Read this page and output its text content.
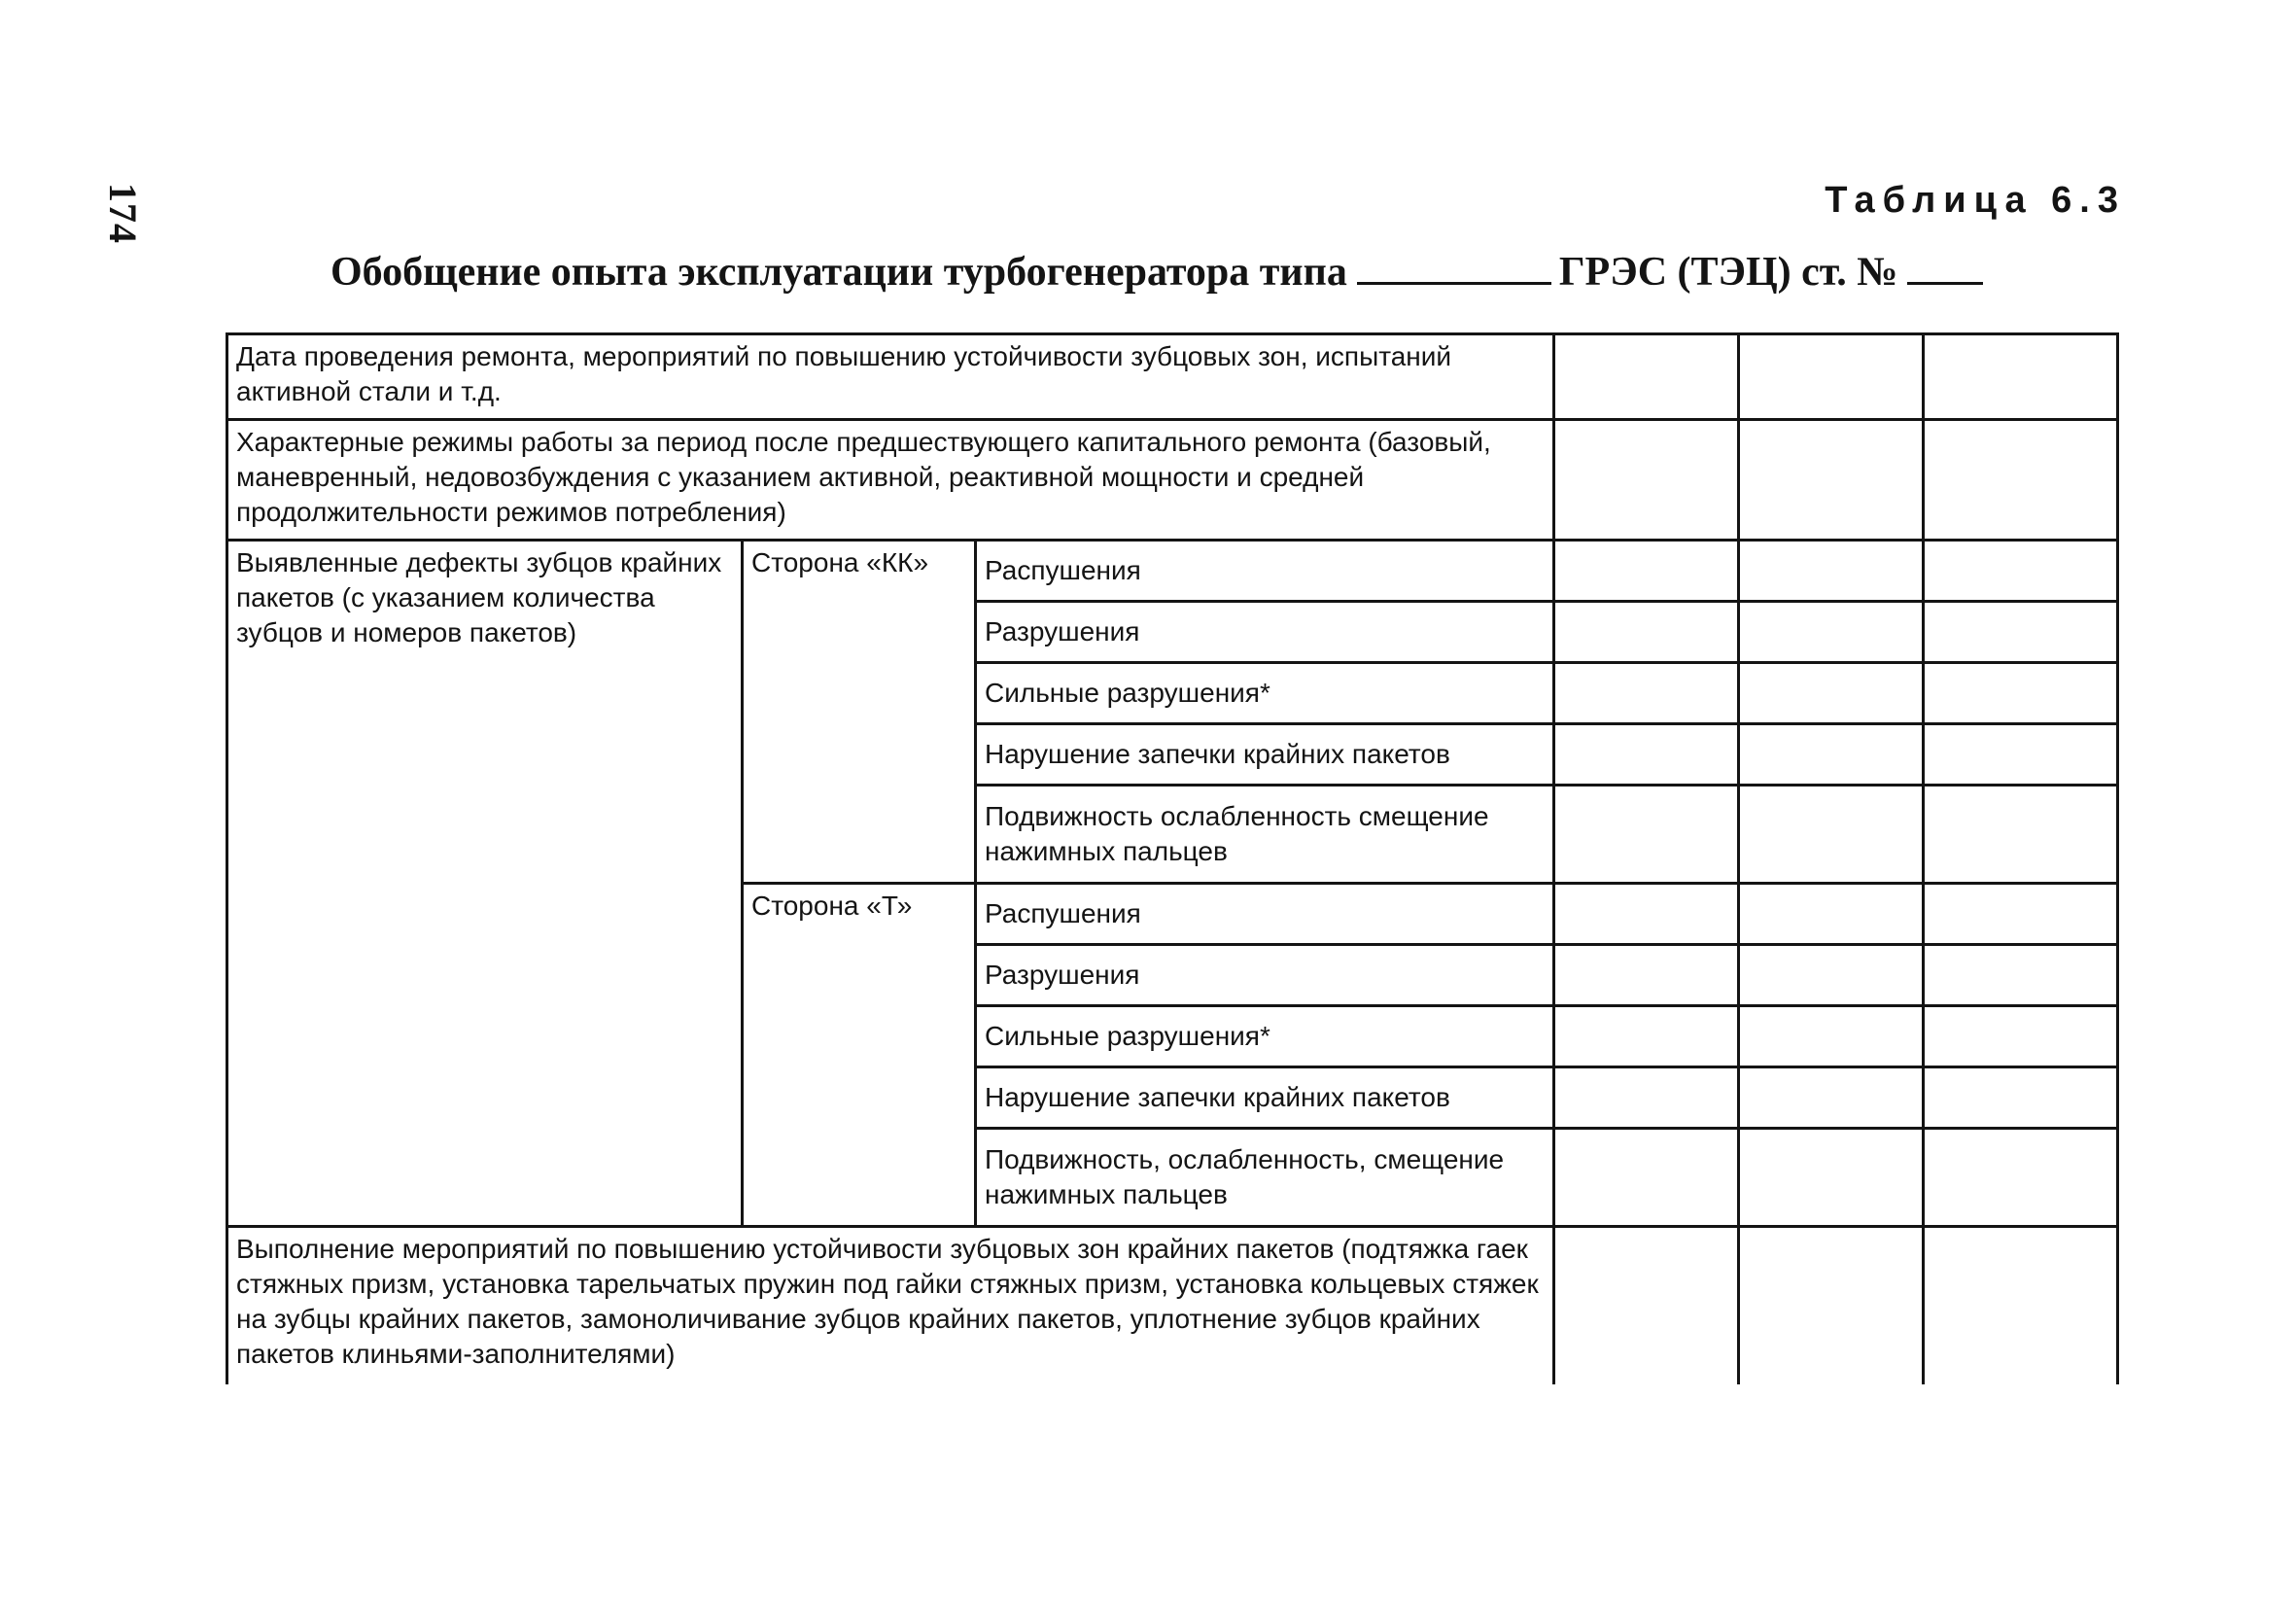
174	Таблица 6.3
Обобщение опыта эксплуатации турбогенератора типа	ГРЭС (ТЭЦ) ст. №
Дата проведения ремонта, мероприятий по повышению устойчивости зубцовых зон, испытаний активной стали и т.д.					
Характерные режимы работы за период после предшествующего капитального ремонта (базовый, маневренный, недовозбуждения с указанием активной, реактивной мощности и средней продолжительности режимов потребления)					
Выявленные дефекты зубцов крайних пакетов (с указанием количества зубцов и номеров пакетов)	Сторона «КК»	Распушения			
		Разрушения			
		Сильные разрушения*			
		Нарушение запечки крайних пакетов			
		Подвижность ослабленность смещение нажимных пальцев			
	Сторона «Т»	Распушения			
		Разрушения			
		Сильные разрушения*			
		Нарушение запечки крайних пакетов			
		Подвижность, ослабленность, смещение нажимных пальцев			
Выполнение мероприятий по повышению устойчивости зубцовых зон крайних пакетов (подтяжка гаек стяжных призм, установка тарельчатых пружин под гайки стяжных призм, установка кольцевых стяжек на зубцы крайних пакетов, замоноличивание зубцов крайних пакетов, уплотнение зубцов крайних пакетов клиньями-заполнителями)					
